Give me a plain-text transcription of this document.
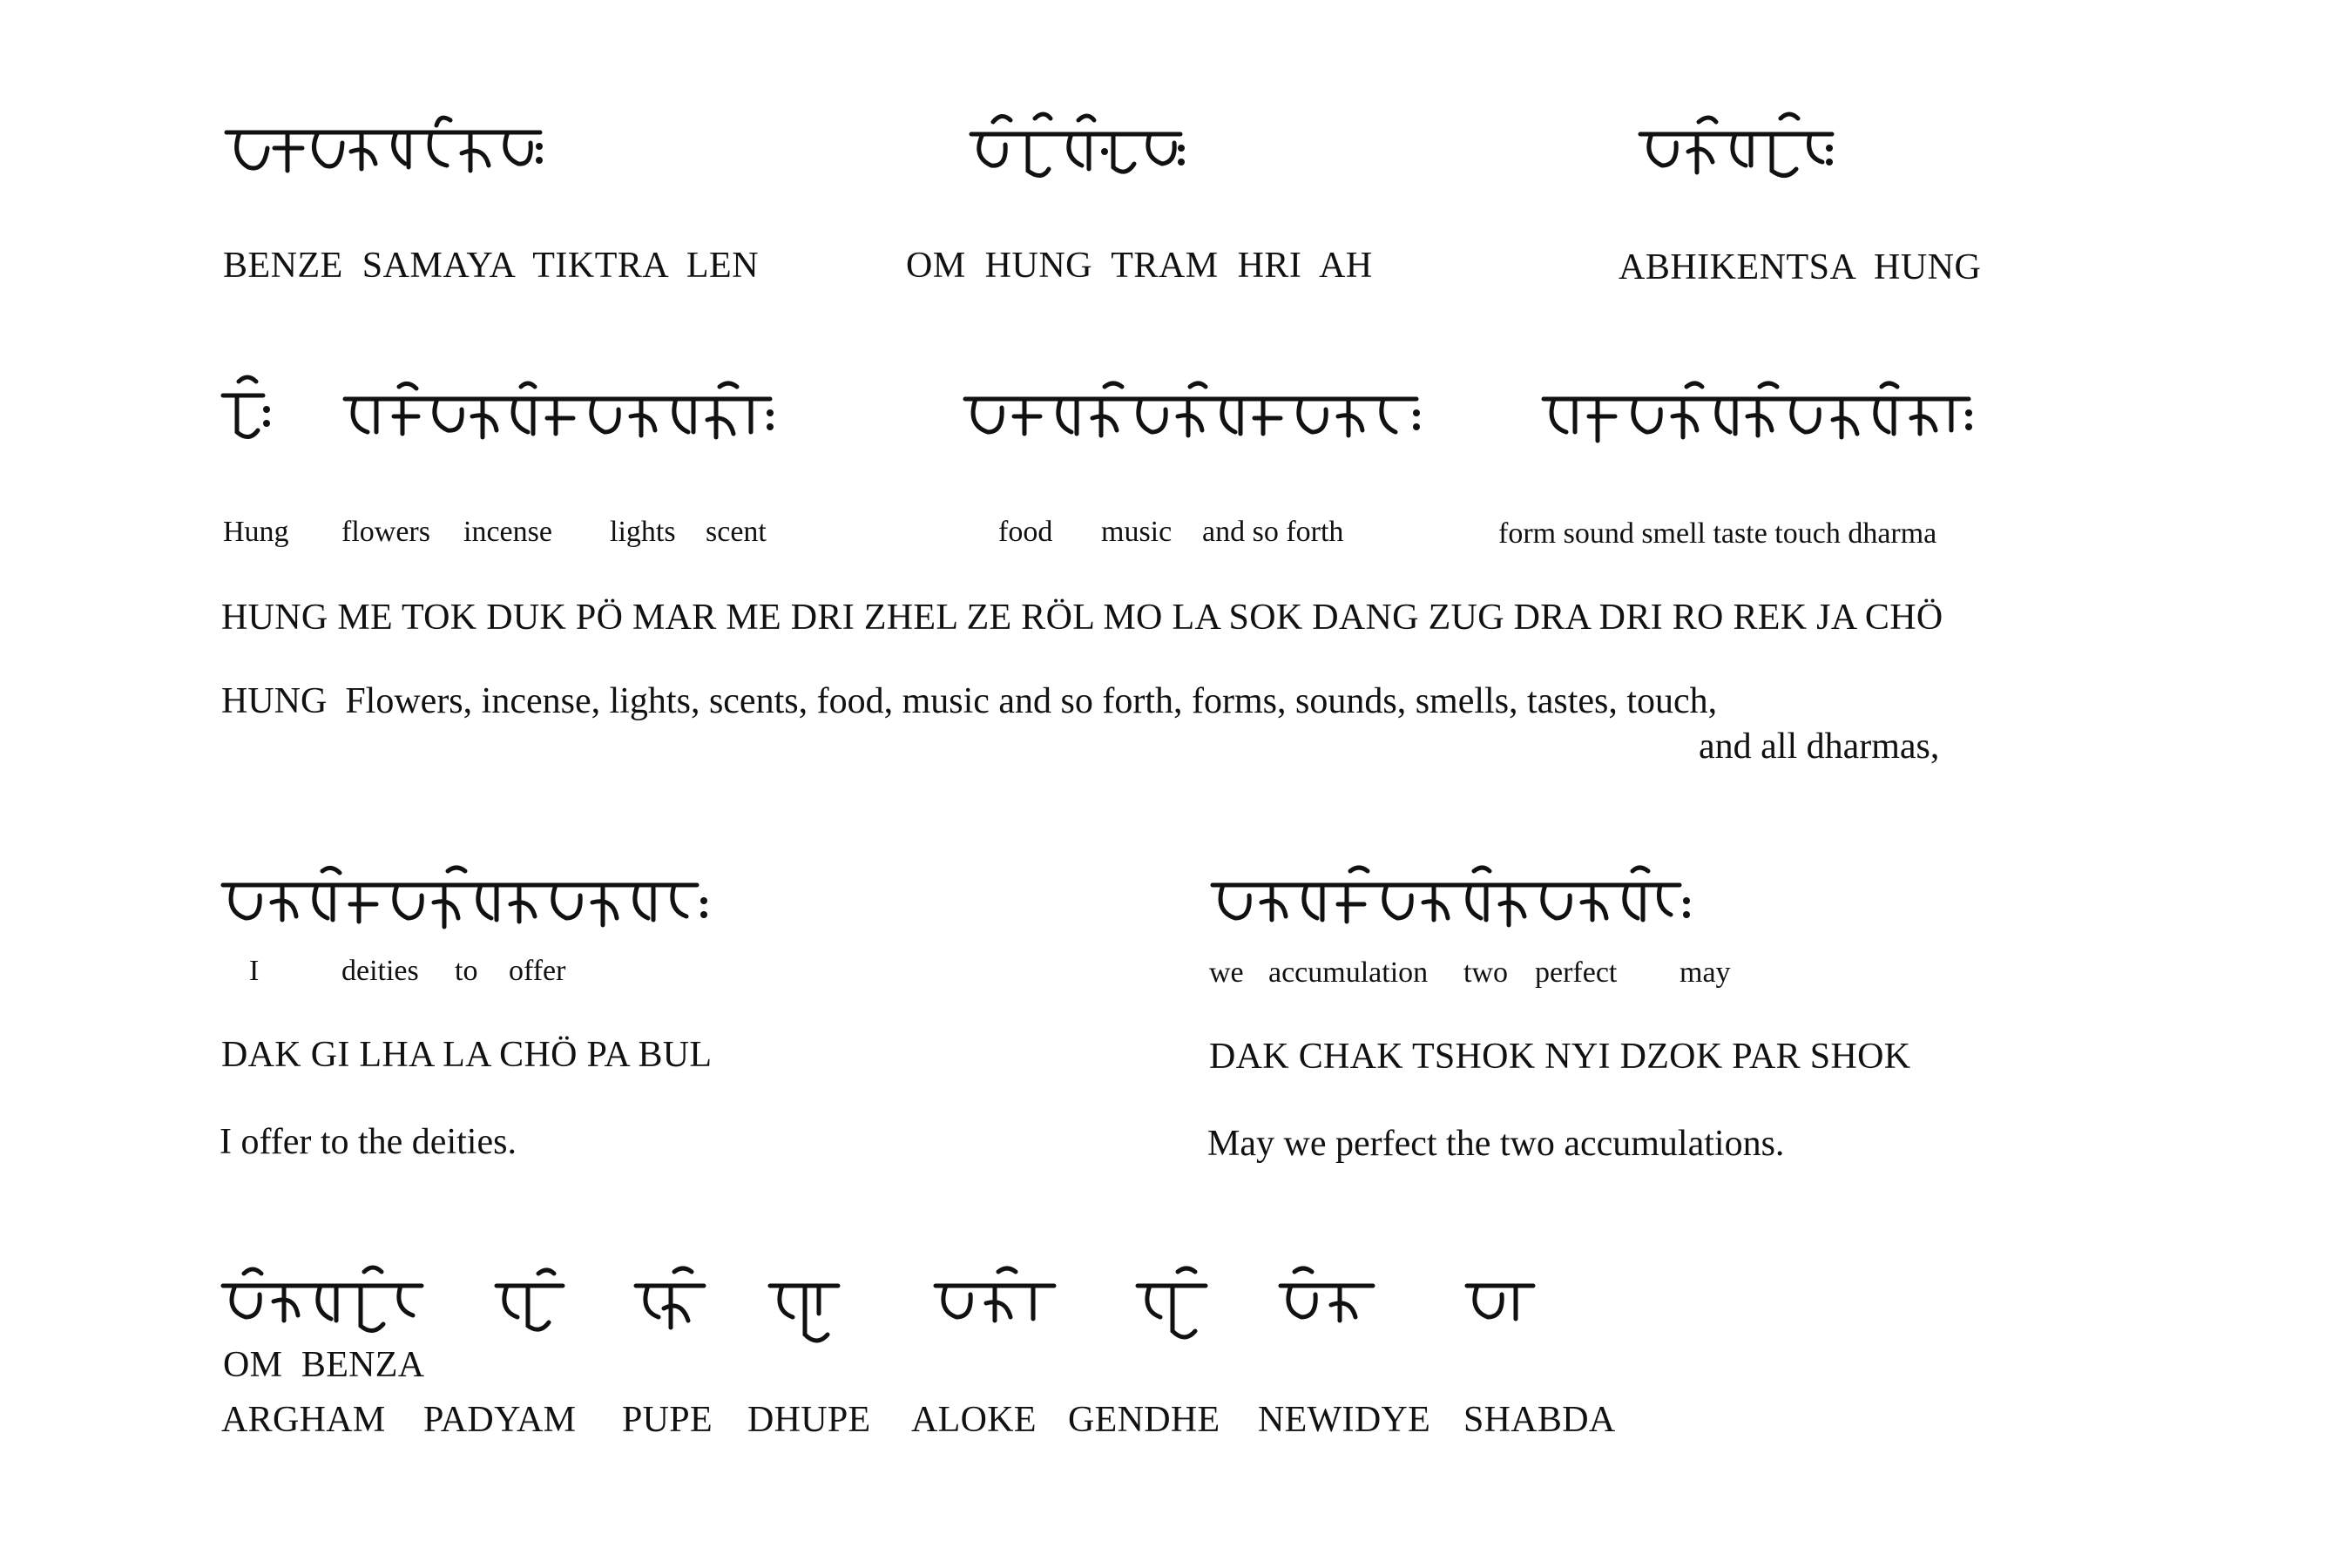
BENZE  SAMAYA  TIKTRA  LEN	OM  HUNG  TRAM  HRI  AH	ABHIKENTSA  HUNG
Hung flowers incense lights scent	food music and so forth	form sound smell taste touch dharma
HUNG ME TOK DUK PÖ MAR ME DRI ZHEL ZE RÖL MO LA SOK DANG ZUG DRA DRI RO REK JA CHÖ
HUNG  Flowers, incense, lights, scents, food, music and so forth, forms, sounds, smells, tastes, touch,
and all dharmas,
I	deities to offer	we accumulation two perfect may
DAK GI LHA LA CHÖ PA BUL	DAK CHAK TSHOK NYI DZOK PAR SHOK
I offer to the deities.	May we perfect the two accumulations.
OM  BENZA
ARGHAM PADYAM PUPE DHUPE ALOKE GENDHE NEWIDYE SHABDA
